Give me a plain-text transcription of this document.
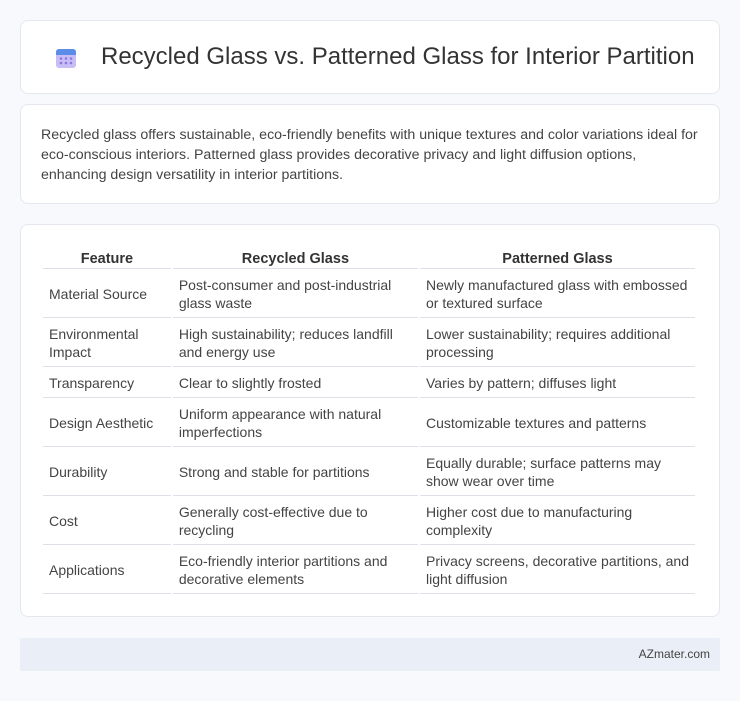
Recycled Glass vs. Patterned Glass for Interior Partition

Recycled glass offers sustainable, eco-friendly benefits with unique textures and color variations ideal for eco-conscious interiors. Patterned glass provides decorative privacy and light diffusion options, enhancing design versatility in interior partitions.

Feature	Recycled Glass	Patterned Glass
Material Source	Post-consumer and post-industrial glass waste	Newly manufactured glass with embossed or textured surface
Environmental Impact	High sustainability; reduces landfill and energy use	Lower sustainability; requires additional processing
Transparency	Clear to slightly frosted	Varies by pattern; diffuses light
Design Aesthetic	Uniform appearance with natural imperfections	Customizable textures and patterns
Durability	Strong and stable for partitions	Equally durable; surface patterns may show wear over time
Cost	Generally cost-effective due to recycling	Higher cost due to manufacturing complexity
Applications	Eco-friendly interior partitions and decorative elements	Privacy screens, decorative partitions, and light diffusion
AZmater.com
